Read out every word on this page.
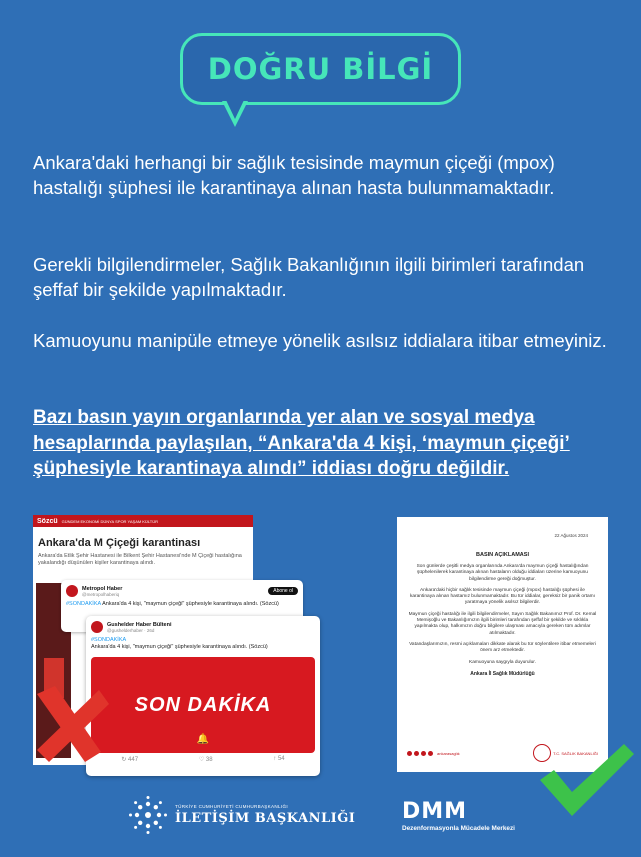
DOĞRU BİLGİ

Ankara'daki herhangi bir sağlık tesisinde maymun çiçeği (mpox) hastalığı şüphesi ile karantinaya alınan hasta bulunmamaktadır.

Gerekli bilgilendirmeler, Sağlık Bakanlığının ilgili birimleri tarafından şeffaf bir şekilde yapılmaktadır.

Kamuoyunu manipüle etmeye yönelik asılsız iddialara itibar etmeyiniz.

Bazı basın yayın organlarında yer alan ve sosyal medya hesaplarında paylaşılan, “Ankara'da 4 kişi, ‘maymun çiçeği’ şüphesiyle karantinaya alındı” iddiası doğru değildir.

Sözcü GÜNDEM EKONOMİ DÜNYA SPOR YAŞAM KÜLTÜR
Ankara'da M Çiçeği karantinası
Ankara'da Etlik Şehir Hastanesi ile Bilkent Şehir Hastanesi'nde M Çiçeği hastalığına yakalandığı düşünülen kişiler karantinaya alındı.
Metropol Haber
@metropolhaberiq	Abone ol
#SONDAKİKA Ankara'da 4 kişi, "maymun çiçeği" şüphesiyle karantinaya alındı. (Sözcü)
Gushelder Haber Bülteni
@gushelderhaber · 26d
#SONDAKİKA
Ankara'da 4 kişi, "maymun çiçeği" şüphesiyle karantinaya alındı. (Sözcü)
SON DAKİKA
🔔
↻ 447	♡ 38	↑ 54
22 Ağustos 2024
BASIN AÇIKLAMASI

Son günlerde çeşitli medya organlarında Ankara'da maymun çiçeği hastalığından şüphelenilerek karantinaya alınan hastaların olduğu iddiaları üzerine kamuoyunu bilgilendirme gereği doğmuştur.

Ankara'daki hiçbir sağlık tesisinde maymun çiçeği (mpox) hastalığı şüphesi ile karantinaya alınan hastamız bulunmamaktadır. Bu tür iddialar, gereksiz bir panik ortamı yaratmaya yönelik asılsız bilgilerdir.

Maymun çiçeği hastalığı ile ilgili bilgilendirmeler, Sayın Sağlık Bakanımız Prof. Dr. Kemal Memişoğlu ve Bakanlığımızın ilgili birimleri tarafından şeffaf bir şekilde ve sıklıkla yapılmakta olup, halkımızın doğru bilgilere ulaşması amacıyla gereken tüm adımlar atılmaktadır.

Vatandaşlarımızın, resmi açıklamaları dikkate alarak bu tür söylentilere itibar etmemeleri önem arz etmektedir.

Kamuoyuna saygıyla duyurulur.

Ankara İl Sağlık Müdürlüğü
ankarasaglık	T.C. SAĞLIK BAKANLIĞI
TÜRKİYE CUMHURİYETİ CUMHURBAŞKANLIĞI
İLETİŞİM BAŞKANLIĞI DMM
Dezenformasyonla Mücadele Merkezi
